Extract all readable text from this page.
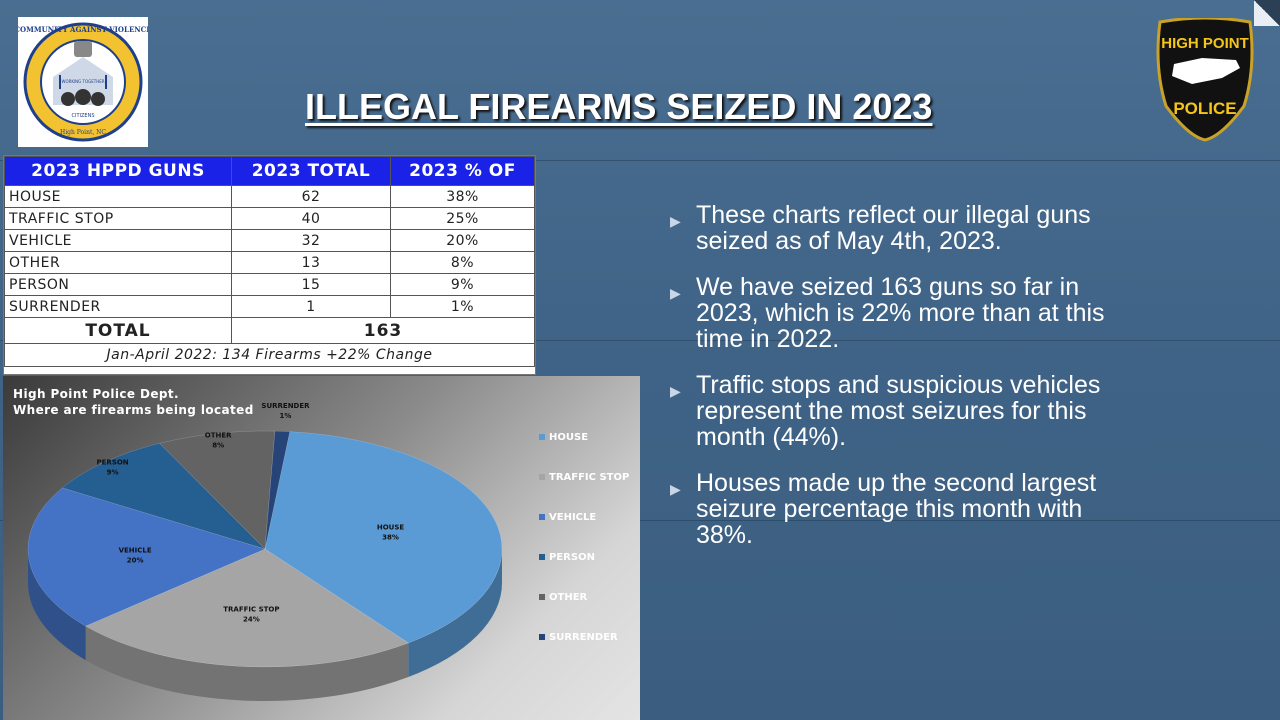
COMMUNITY AGAINST VIOLENCE
WORKING TOGETHER
CITIZENS
High Point, NC
ILLEGAL FIREARMS SEIZED IN 2023
HIGH POINT
POLICE
2023 HPPD GUNS	2023 TOTAL	2023 % OF
HOUSE	62	38%
TRAFFIC STOP	40	25%
VEHICLE	32	20%
OTHER	13	8%
PERSON	15	9%
SURRENDER	1	1%
TOTAL	163	
Jan-April 2022: 134 Firearms +22% Change		
HOUSE
38%
TRAFFIC STOP
24%
VEHICLE
20%
PERSON
9%
OTHER
8%
SURRENDER
1%
HOUSE
TRAFFIC STOP
VEHICLE
PERSON
OTHER
SURRENDER

High Point Police Dept.
Where are firearms being located

▶ These charts reflect our illegal guns seized as of May 4th, 2023.
▶ We have seized 163 guns so far in 2023, which is 22% more than at this time in 2022.
▶ Traffic stops and suspicious vehicles represent the most seizures for this month (44%).
▶ Houses made up the second largest seizure percentage this month with 38%.
